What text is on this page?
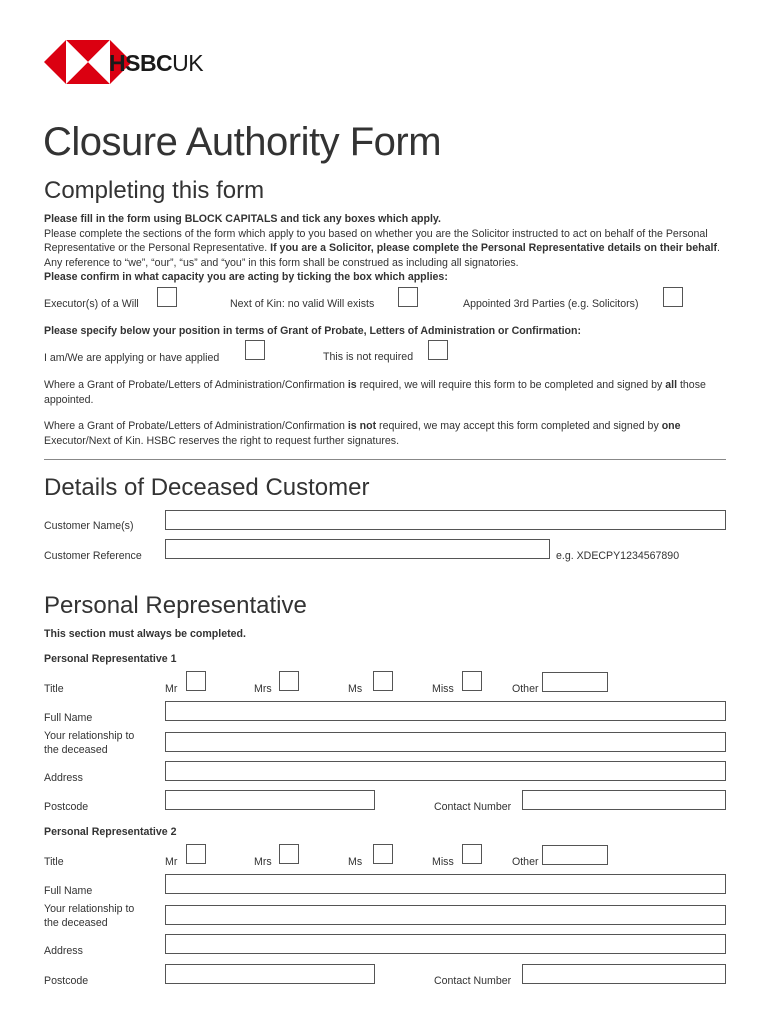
HSBCUK
Closure Authority Form
Completing this form
Please fill in the form using BLOCK CAPITALS and tick any boxes which apply.
Please complete the sections of the form which apply to you based on whether you are the Solicitor instructed to act on behalf of the Personal Representative or the Personal Representative. If you are a Solicitor, please complete the Personal Representative details on their behalf. Any reference to “we”, “our”, “us” and “you” in this form shall be construed as including all signatories.
Please confirm in what capacity you are acting by ticking the box which applies:
Executor(s) of a Will	Next of Kin: no valid Will exists	Appointed 3rd Parties (e.g. Solicitors)
Please specify below your position in terms of Grant of Probate, Letters of Administration or Confirmation:
I am/We are applying or have applied	This is not required
Where a Grant of Probate/Letters of Administration/Confirmation is required, we will require this form to be completed and signed by all those appointed.
Where a Grant of Probate/Letters of Administration/Confirmation is not required, we may accept this form completed and signed by one Executor/Next of Kin. HSBC reserves the right to request further signatures.
Details of Deceased Customer
Customer Name(s)
Customer Reference	e.g. XDECPY1234567890
Personal Representative
This section must always be completed.
Personal Representative 1
Title	Mr	Mrs	Ms	Miss	Other
Full Name
Your relationship to
the deceased
Address
Postcode	Contact Number
Personal Representative 2
Title	Mr	Mrs	Ms	Miss	Other
Full Name
Your relationship to
the deceased
Address
Postcode	Contact Number
